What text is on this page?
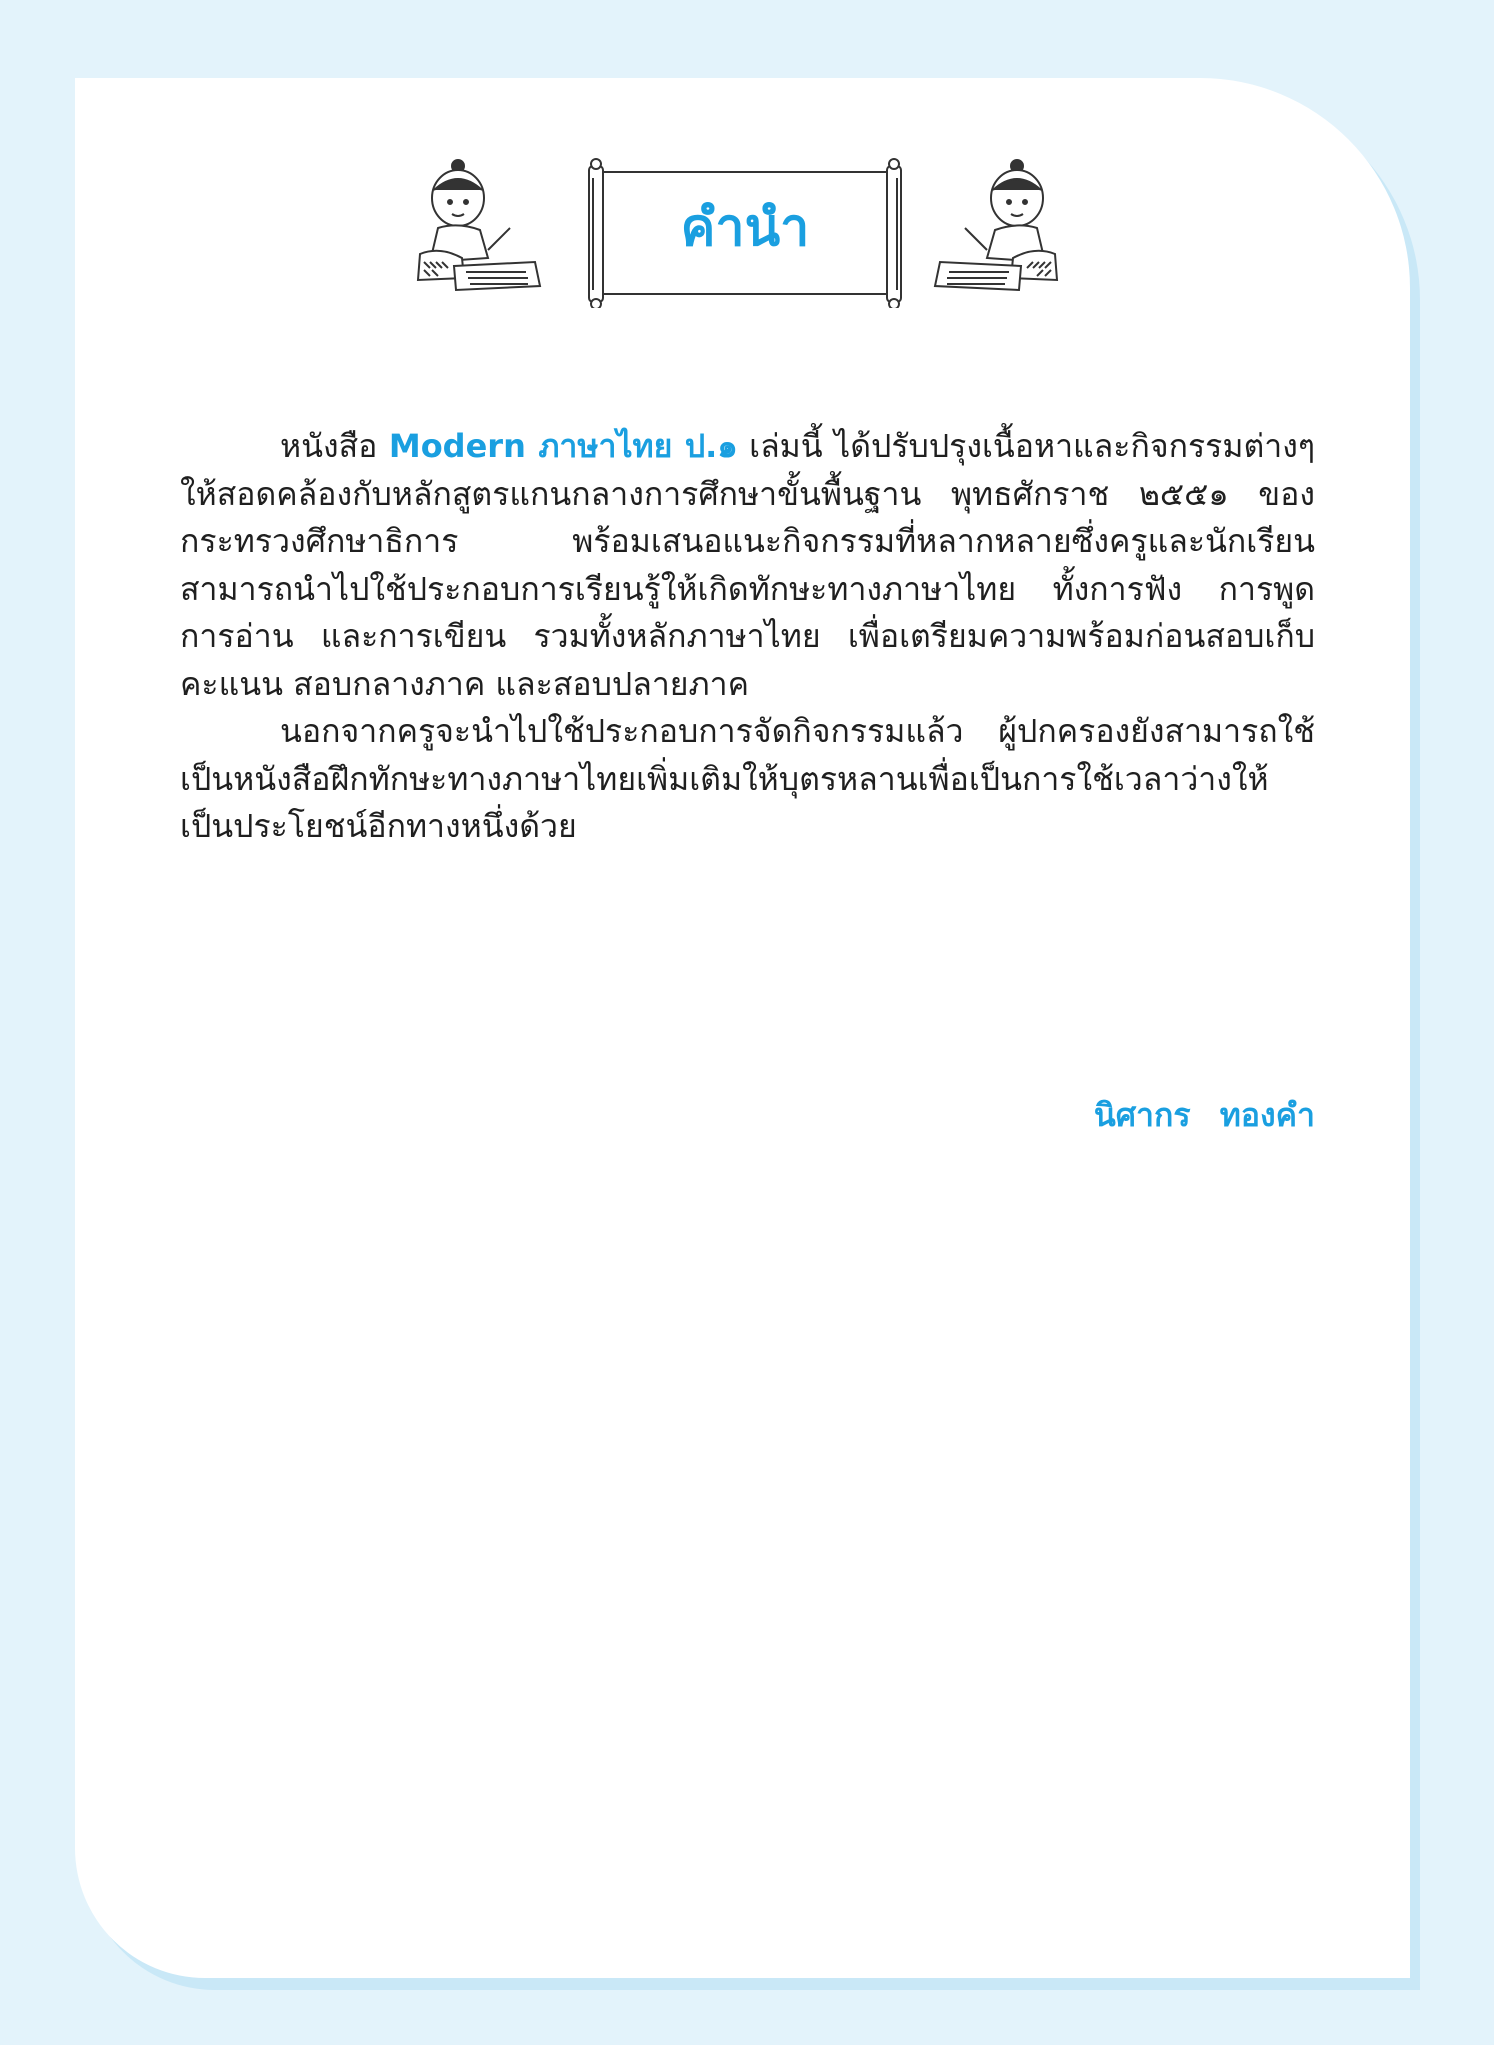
คำนำ

หนังสือ Modern ภาษาไทย ป.๑ เล่มนี้ ได้ปรับปรุงเนื้อหาและกิจกรรมต่างๆ ให้สอดคล้องกับหลักสูตรแกนกลางการศึกษาขั้นพื้นฐาน พุทธศักราช ๒๕๕๑ ของกระทรวงศึกษาธิการ พร้อมเสนอแนะกิจกรรมที่หลากหลายซึ่งครูและนักเรียนสามารถนำไปใช้ประกอบการเรียนรู้ให้เกิดทักษะทางภาษาไทย ทั้งการฟัง การพูด การอ่าน และการเขียน รวมทั้งหลักภาษาไทย เพื่อเตรียมความพร้อมก่อนสอบเก็บคะแนน สอบกลางภาค และสอบปลายภาค

นอกจากครูจะนำไปใช้ประกอบการจัดกิจกรรมแล้ว ผู้ปกครองยังสามารถใช้เป็นหนังสือฝึกทักษะทางภาษาไทยเพิ่มเติมให้บุตรหลานเพื่อเป็นการใช้เวลาว่างให้เป็นประโยชน์อีกทางหนึ่งด้วย

นิศากร ทองคำ
